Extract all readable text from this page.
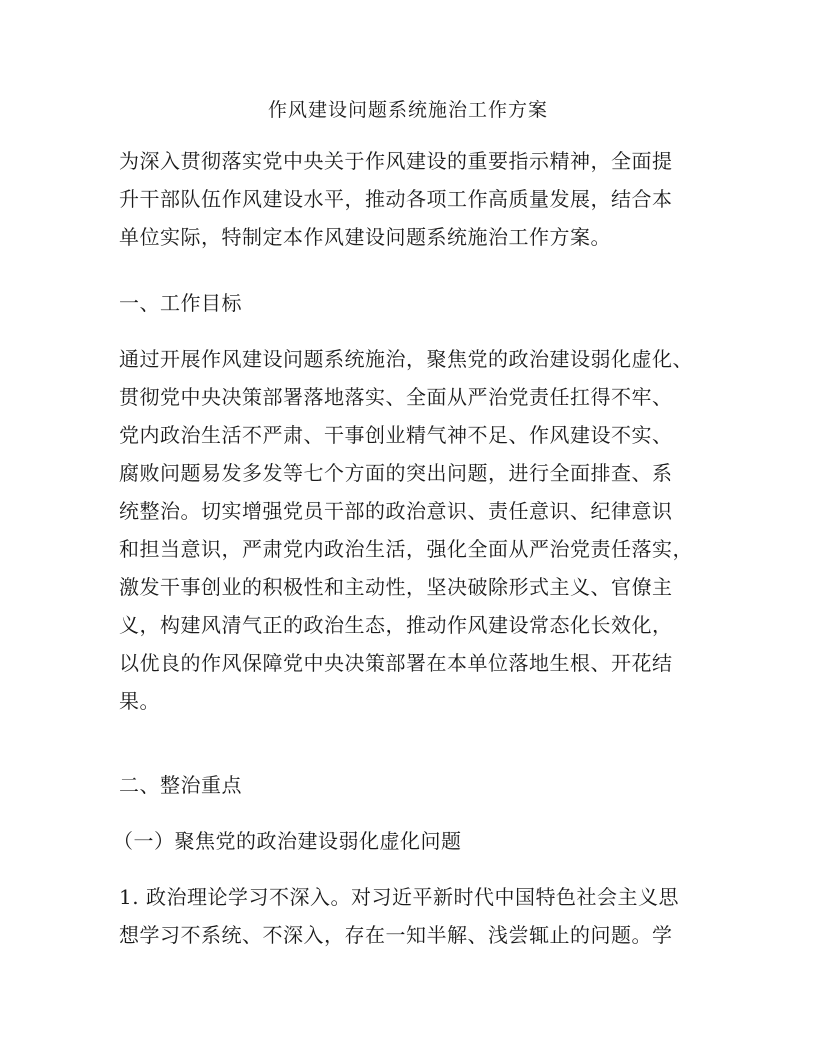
作风建设问题系统施治工作方案

为深入贯彻落实党中央关于作风建设的重要指示精神，全面提
升干部队伍作风建设水平，推动各项工作高质量发展，结合本
单位实际，特制定本作风建设问题系统施治工作方案。

一、工作目标

通过开展作风建设问题系统施治，聚焦党的政治建设弱化虚化、
贯彻党中央决策部署落地落实、全面从严治党责任扛得不牢、
党内政治生活不严肃、干事创业精气神不足、作风建设不实、
腐败问题易发多发等七个方面的突出问题，进行全面排查、系
统整治。切实增强党员干部的政治意识、责任意识、纪律意识
和担当意识，严肃党内政治生活，强化全面从严治党责任落实，
激发干事创业的积极性和主动性，坚决破除形式主义、官僚主
义，构建风清气正的政治生态，推动作风建设常态化长效化，
以优良的作风保障党中央决策部署在本单位落地生根、开花结
果。

二、整治重点

（一）聚焦党的政治建设弱化虚化问题

1. 政治理论学习不深入。对习近平新时代中国特色社会主义思
想学习不系统、不深入，存在一知半解、浅尝辄止的问题。学
